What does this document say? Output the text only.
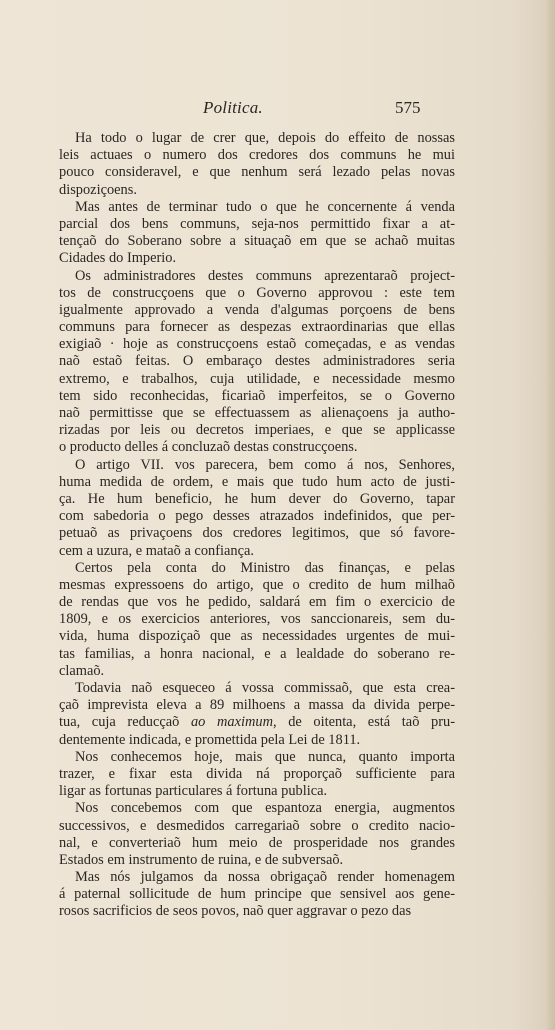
Politica.	575
Ha todo o lugar de crer que, depois do effeito de nossas
leis actuaes o numero dos credores dos communs he mui
pouco consideravel, e que nenhum será lezado pelas novas
dispoziçoens.
Mas antes de terminar tudo o que he concernente á venda
parcial dos bens communs, seja-nos permittido fixar a at-
tençaõ do Soberano sobre a situaçaõ em que se achaõ muitas
Cidades do Imperio.
Os administradores destes communs aprezentaraõ project-
tos de construcçoens que o Governo approvou : este tem
igualmente approvado a venda d'algumas porçoens de bens
communs para fornecer as despezas extraordinarias que ellas
exigiaõ · hoje as construcçoens estaõ começadas, e as vendas
naõ estaõ feitas. O embaraço destes administradores seria
extremo, e trabalhos, cuja utilidade, e necessidade mesmo
tem sido reconhecidas, ficariaõ imperfeitos, se o Governo
naõ permittisse que se effectuassem as alienaçoens ja autho-
rizadas por leis ou decretos imperiaes, e que se applicasse
o producto delles á concluzaõ destas construcçoens.
O artigo VII. vos parecera, bem como á nos, Senhores,
huma medida de ordem, e mais que tudo hum acto de justi-
ça. He hum beneficio, he hum dever do Governo, tapar
com sabedoria o pego desses atrazados indefinidos, que per-
petuaõ as privaçoens dos credores legitimos, que só favore-
cem a uzura, e mataõ a confiança.
Certos pela conta do Ministro das finanças, e pelas
mesmas expressoens do artigo, que o credito de hum milhaõ
de rendas que vos he pedido, saldará em fim o exercicio de
1809, e os exercicios anteriores, vos sanccionareis, sem du-
vida, huma dispoziçaõ que as necessidades urgentes de mui-
tas familias, a honra nacional, e a lealdade do soberano re-
clamaõ.
Todavia naõ esqueceo á vossa commissaõ, que esta crea-
çaõ imprevista eleva a 89 milhoens a massa da divida perpe-
tua, cuja reducçaõ ao maximum, de oitenta, está taõ pru-
dentemente indicada, e promettida pela Lei de 1811.
Nos conhecemos hoje, mais que nunca, quanto importa
trazer, e fixar esta divida ná proporçaõ sufficiente para
ligar as fortunas particulares á fortuna publica.
Nos concebemos com que espantoza energia, augmentos
successivos, e desmedidos carregariaõ sobre o credito nacio-
nal, e converteriaõ hum meio de prosperidade nos grandes
Estados em instrumento de ruina, e de subversaõ.
Mas nós julgamos da nossa obrigaçaõ render homenagem
á paternal sollicitude de hum principe que sensivel aos gene-
rosos sacrificios de seos povos, naõ quer aggravar o pezo das
